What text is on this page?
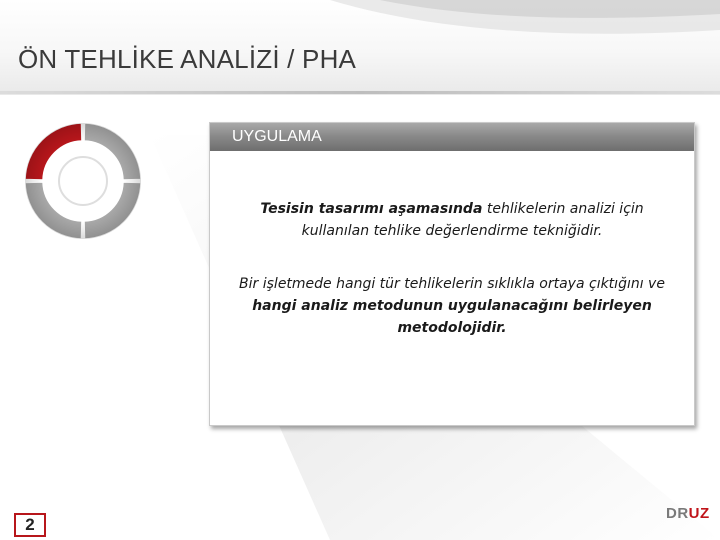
ÖN TEHLİKE ANALİZİ / PHA
UYGULAMA

Tesisin tasarımı aşamasında tehlikelerin analizi için kullanılan tehlike değerlendirme tekniğidir.

Bir işletmede hangi tür tehlikelerin sıklıkla ortaya çıktığını ve hangi analiz metodunun uygulanacağını belirleyen metodolojidir.

2
DRUZ
